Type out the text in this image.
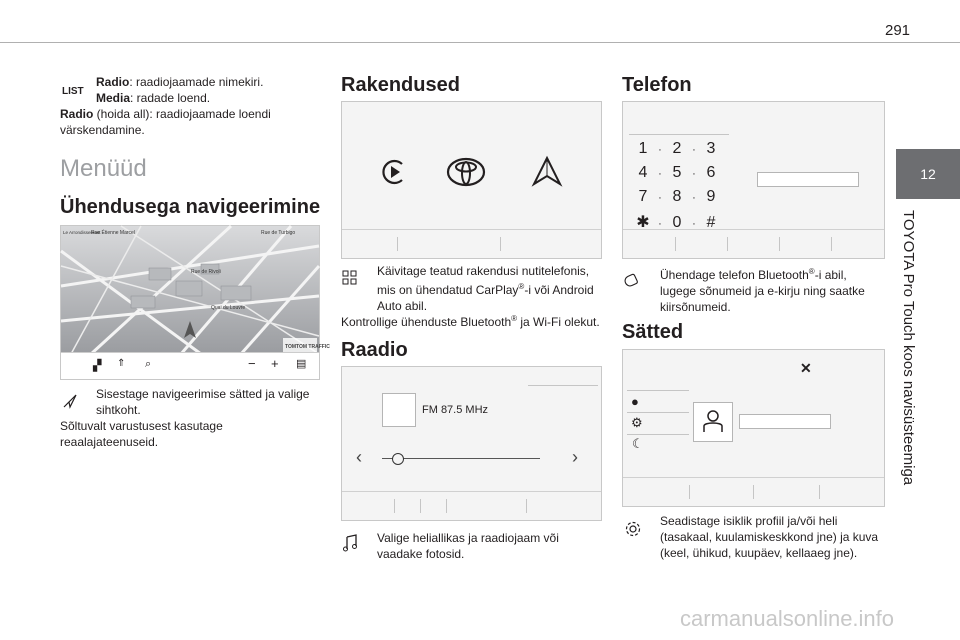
291
12
TOYOTA Pro Touch koos navisüsteemiga
LIST
Radio: raadiojaamade nimekiri.
Media: radade loend.
Radio (hoida all): raadiojaamade loendi värskendamine.
Menüüd
Ühendusega navigeerimine
Rue Étienne Marcel	Rue de Turbigo
Rue de Rivoli
Quai du Louvre
Le Arrondissement
TOMTOM TRAFFIC
▞ ⇑ ⌕	− + ▤
Sisestage navigeerimise sätted ja valige sihtkoht.
Sõltuvalt varustusest kasutage reaalajateenuseid.
Rakendused
Käivitage teatud rakendusi nutitelefonis, mis on ühendatud CarPlay®-i või Android Auto abil.
Kontrollige ühenduste Bluetooth® ja Wi-Fi olekut.
Raadio
FM 87.5 MHz
‹	›
Valige heliallikas ja raadiojaam või vaadake fotosid.
Telefon
1 · 2 · 3
4 · 5 · 6
7 · 8 · 9
✱ · 0 · #
Ühendage telefon Bluetooth®-i abil, lugege sõnumeid ja e-kirju ning saatke kiirsõnumeid.
Sätted
✕
●
⚙
☾
Seadistage isiklik profiil ja/või heli (tasakaal, kuulamiskeskkond jne) ja kuva (keel, ühikud, kuupäev, kellaaeg jne).
carmanualsonline.info
